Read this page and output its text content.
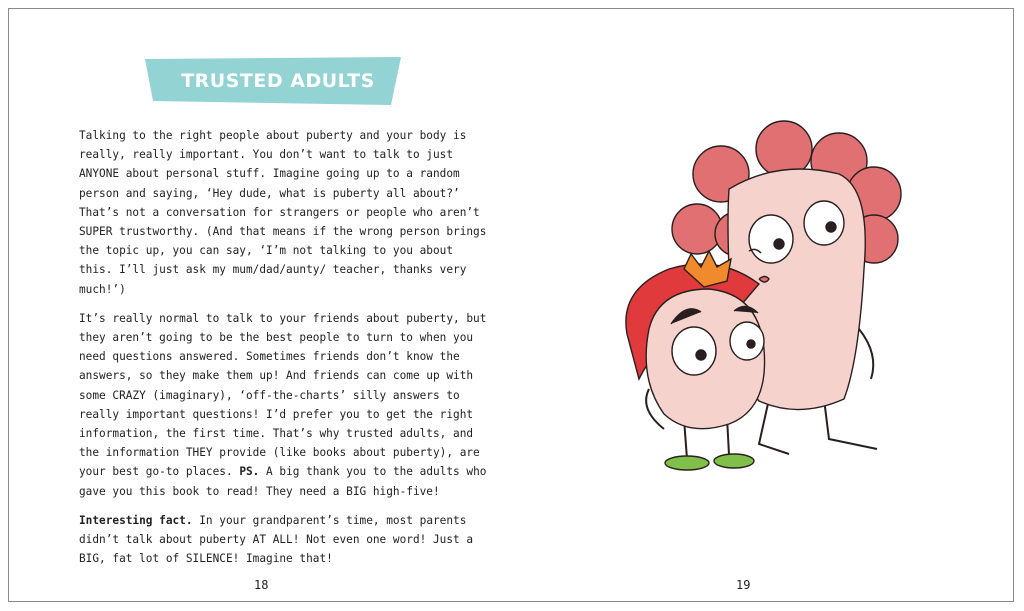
TRUSTED ADULTS

Talking to the right people about puberty and your body is really, really important. You don’t want to talk to just ANYONE about personal stuff. Imagine going up to a random person and saying, ‘Hey dude, what is puberty all about?’ That’s not a conversation for strangers or people who aren’t SUPER trustworthy. (And that means if the wrong person brings the topic up, you can say, ‘I’m not talking to you about this. I’ll just ask my mum/dad/aunty/ teacher, thanks very much!’)

It’s really normal to talk to your friends about puberty, but they aren’t going to be the best people to turn to when you need questions answered. Sometimes friends don’t know the answers, so they make them up! And friends can come up with some CRAZY (imaginary), ‘off-the-charts’ silly answers to really important questions! I’d prefer you to get the right information, the first time. That’s why trusted adults, and the information THEY provide (like books about puberty), are your best go-to places. PS. A big thank you to the adults who gave you this book to read! They need a BIG high-five!

Interesting fact. In your grandparent’s time, most parents didn’t talk about puberty AT ALL! Not even one word! Just a BIG, fat lot of SILENCE! Imagine that!

18	19
